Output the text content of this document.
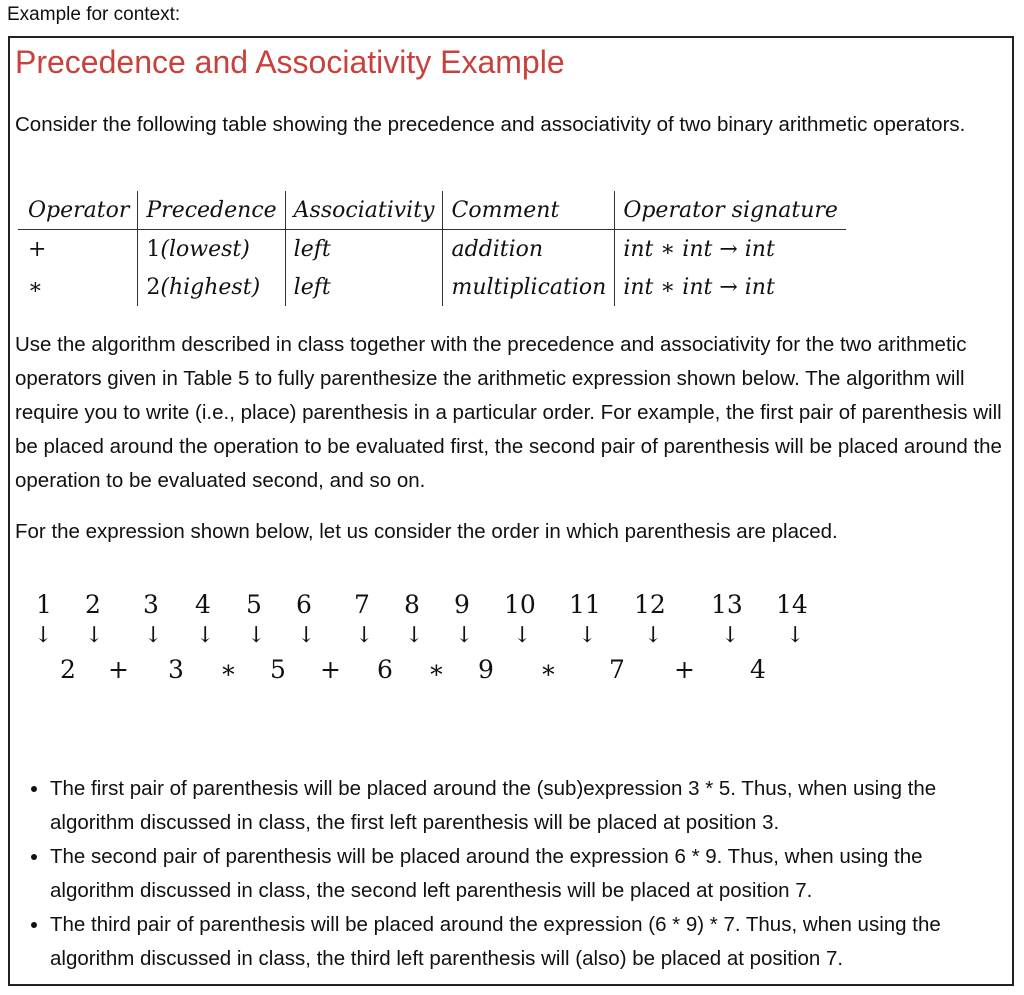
Example for context:
Precedence and Associativity Example

Consider the following table showing the precedence and associativity of two binary arithmetic operators.

Operator	Precedence	Associativity	Comment	Operator signature
+	1(lowest)	left	addition	int ∗ int → int
∗	2(highest)	left	multiplication	int ∗ int → int

Use the algorithm described in class together with the precedence and associativity for the two arithmetic operators given in Table 5 to fully parenthesize the arithmetic expression shown below. The algorithm will require you to write (i.e., place) parenthesis in a particular order. For example, the first pair of parenthesis will be placed around the operation to be evaluated first, the second pair of parenthesis will be placed around the operation to be evaluated second, and so on.

For the expression shown below, let us consider the order in which parenthesis are placed.

1 2 3 4 5 6 7 8 9 10 11 12 13 14
↓ ↓ ↓ ↓ ↓ ↓ ↓ ↓ ↓ ↓ ↓ ↓	↓ ↓
2 + 3 ∗ 5 + 6 ∗ 9 ∗ 7 + 4
• The first pair of parenthesis will be placed around the (sub)expression 3 * 5. Thus, when using the algorithm discussed in class, the first left parenthesis will be placed at position 3.
• The second pair of parenthesis will be placed around the expression 6 * 9. Thus, when using the algorithm discussed in class, the second left parenthesis will be placed at position 7.
• The third pair of parenthesis will be placed around the expression (6 * 9) * 7. Thus, when using the algorithm discussed in class, the third left parenthesis will (also) be placed at position 7.
